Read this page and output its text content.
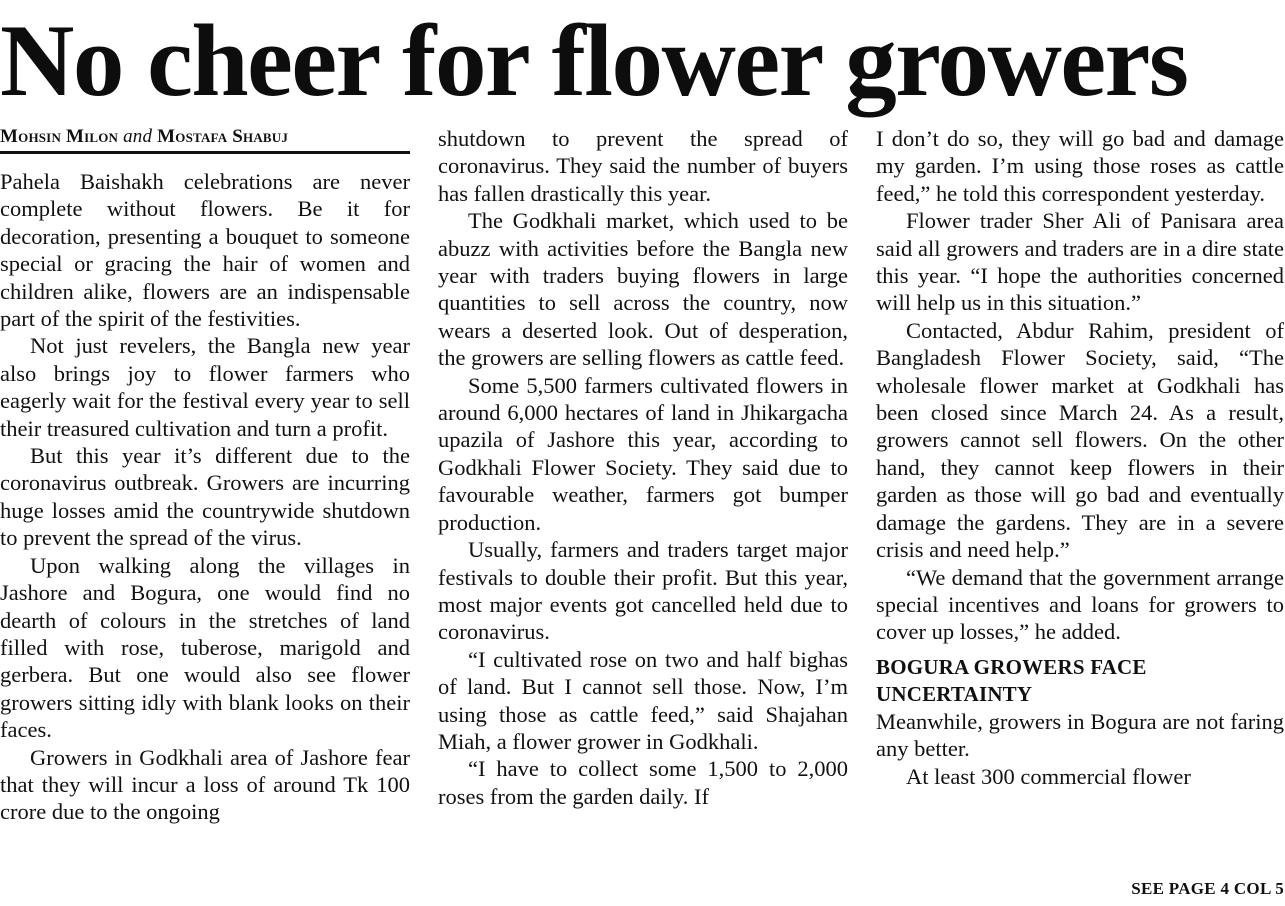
No cheer for flower growers
Mohsin Milon and Mostafa Shabuj

Pahela Baishakh celebrations are never complete without flowers. Be it for decoration, presenting a bouquet to someone special or gracing the hair of women and children alike, flowers are an indispensable part of the spirit of the festivities.

Not just revelers, the Bangla new year also brings joy to flower farmers who eagerly wait for the festival every year to sell their treasured cultivation and turn a profit.

But this year it’s different due to the coronavirus outbreak. Growers are incurring huge losses amid the countrywide shutdown to prevent the spread of the virus.

Upon walking along the villages in Jashore and Bogura, one would find no dearth of colours in the stretches of land filled with rose, tuberose, marigold and gerbera. But one would also see flower growers sitting idly with blank looks on their faces.

Growers in Godkhali area of Jashore fear that they will incur a loss of around Tk 100 crore due to the ongoing

shutdown to prevent the spread of coronavirus. They said the number of buyers has fallen drastically this year.

The Godkhali market, which used to be abuzz with activities before the Bangla new year with traders buying flowers in large quantities to sell across the country, now wears a deserted look. Out of desperation, the growers are selling flowers as cattle feed.

Some 5,500 farmers cultivated flowers in around 6,000 hectares of land in Jhikargacha upazila of Jashore this year, according to Godkhali Flower Society. They said due to favourable weather, farmers got bumper production.

Usually, farmers and traders target major festivals to double their profit. But this year, most major events got cancelled held due to coronavirus.

“I cultivated rose on two and half bighas of land. But I cannot sell those. Now, I’m using those as cattle feed,” said Shajahan Miah, a flower grower in Godkhali.

“I have to collect some 1,500 to 2,000 roses from the garden daily. If

I don’t do so, they will go bad and damage my garden. I’m using those roses as cattle feed,” he told this correspondent yesterday.

Flower trader Sher Ali of Panisara area said all growers and traders are in a dire state this year. “I hope the authorities concerned will help us in this situation.”

Contacted, Abdur Rahim, president of Bangladesh Flower Society, said, “The wholesale flower market at Godkhali has been closed since March 24. As a result, growers cannot sell flowers. On the other hand, they cannot keep flowers in their garden as those will go bad and eventually damage the gardens. They are in a severe crisis and need help.”

“We demand that the government arrange special incentives and loans for growers to cover up losses,” he added.

BOGURA GROWERS FACE UNCERTAINTY

Meanwhile, growers in Bogura are not faring any better.

At least 300 commercial flower

SEE PAGE 4 COL 5
